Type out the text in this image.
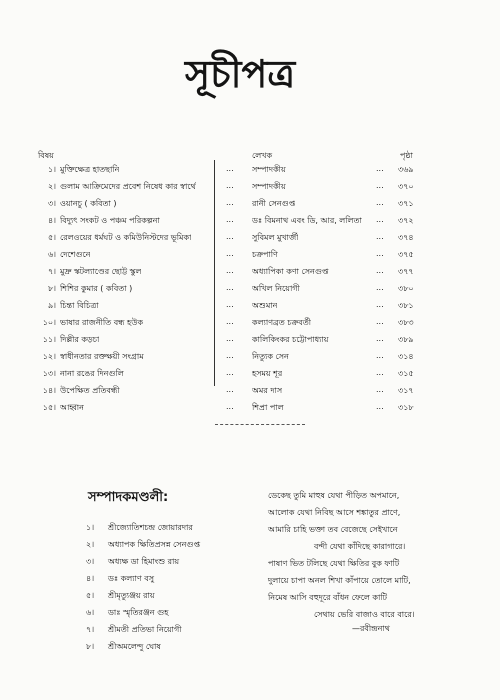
সূচীপত্র
বিষয়	লেখক	পৃষ্ঠা
১। মুক্তিক্ষেত্র হাতছানি	... সম্পাদকীয়	... ৩৬৯
২। গুলাম আক্রিমেদের প্রবেশ নিষেধ কার স্বার্থে	... সম্পাদকীয়	... ৩৭০
৩। ওয়ানচু ( কবিতা )	... রানী সেনগুপ্ত	... ৩৭১
৪। বিদ্যুৎ সংকট ও পঞ্চম পরিকল্পনা	... ডঃ বিমনাথ এবং ডি, আর, ললিতা ... ৩৭২
৫। রেলওয়ের ধর্মঘট ও কমিউনিস্টদের ভূমিকা	... সুবিমল মুখার্জী	... ৩৭৪
৬। দেশেগুনে	... চক্রপাণি	... ৩৭৫
৭। মুদ্রু স্কটল্যাণ্ডের ছোট্ট স্কুল	... অধ্যাপিকা কণা সেনগুপ্ত	... ৩৭৭
৮। শিশির কুমার ( কবিতা )	... অখিল নিয়োগী	... ৩৮০
৯। চিন্তা বিচিত্রা	... অশুমান	... ৩৮১
১০। ভাষার রাজনীতি বন্ধ হউক	... কল্যাণব্রত চক্রবর্তী	... ৩৮৩
১১। দিল্লীর কড়চা	... কালিকিংকর চট্টোপাধ্যায়	... ৩৮৯
১২। স্বাধীনতার রক্তক্ষয়ী সংগ্রাম	... নিত্যুক সেন	... ৩১৪
১৩। নানা রঙের দিনগুলি	... হসময় শূর	... ৩১৫
১৪। উপেক্ষিত প্রতিবন্ধী	... অমর দাস	... ৩১৭
১৫। আহ্বান	... শিপ্রা পাল	... ৩১৮
সম্পাদকমণ্ডলী:
১। শ্রীজ্যোতিশচন্দ্র জোয়ারদার
২। অধ্যাপক ক্ষিতিপ্রসন্ন সেনগুপ্ত
৩। অধ্যক্ষ ডা হিমাংশু রায়
৪। ডঃ কল্যাণ বসু
৫। শ্রীমৃত্যুঞ্জয় রায়
৬। ডাঃ স্মৃতিরঞ্জন গুহ
৭। শ্রীমতী প্রতিভা নিয়োগী
৮। শ্রীঅমলেন্দু ঘোষ
ডেকেছ তুমি মাহুষ যেথা পীড়িত অপমানে,
আলোক যেথা নিবিছ আসে শঙ্কাতুর প্রাণে,
আমারি চাহি ভক্তা তব বেজেছে সেইখানে
বন্দী যেথা কাঁদিছে কারাগারে।
পাষাণ ভিত টলিছে যেথা ক্ষিতির বুক ফাটি
দুলায়ে চাপা অনল শিখা কাঁপায়ে তোলে মাটি,
নিমেষ আসি বহুদূরে বাঁধন ফেলে কাটি
সেথায় ভেরি বাজাও বারে বারে।
—রবীন্দ্রনাথ
